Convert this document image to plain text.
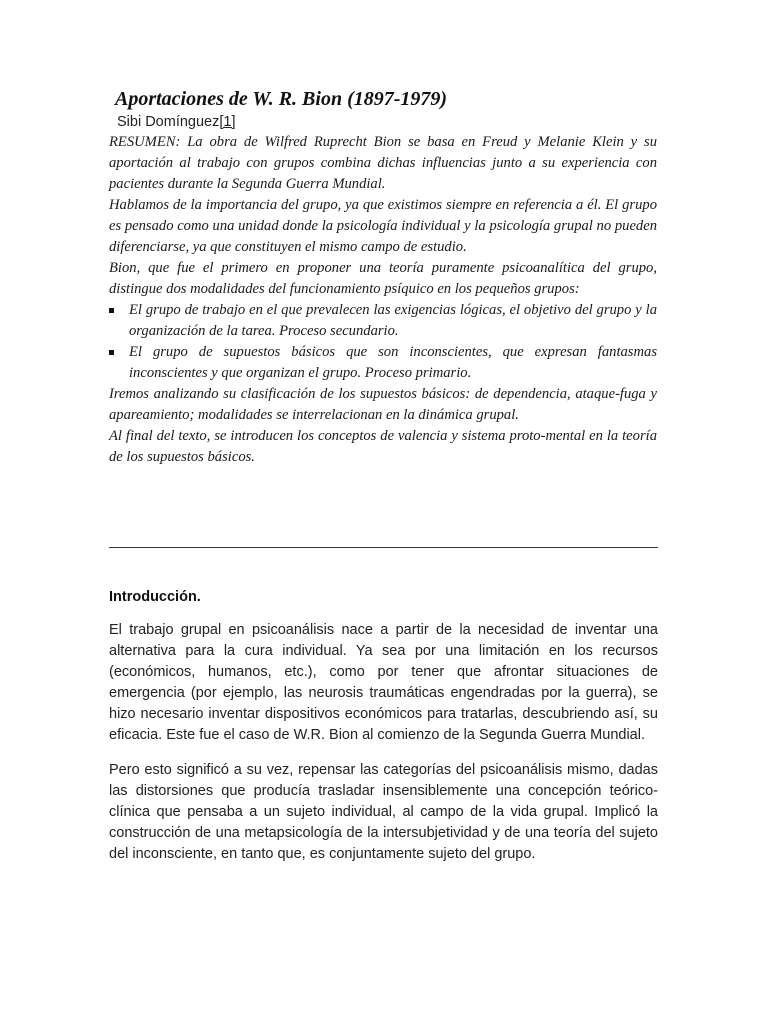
Aportaciones de W. R. Bion (1897-1979)
Sibi Domínguez[1]

RESUMEN: La obra de Wilfred Ruprecht Bion se basa en Freud y Melanie Klein y su aportación al trabajo con grupos combina dichas influencias junto a su experiencia con pacientes durante la Segunda Guerra Mundial.

Hablamos de la importancia del grupo, ya que existimos siempre en referencia a él. El grupo es pensado como una unidad donde la psicología individual y la psicología grupal no pueden diferenciarse, ya que constituyen el mismo campo de estudio.

Bion, que fue el primero en proponer una teoría puramente psicoanalítica del grupo, distingue dos modalidades del funcionamiento psíquico en los pequeños grupos:

El grupo de trabajo en el que prevalecen las exigencias lógicas, el objetivo del grupo y la organización de la tarea. Proceso secundario.
El grupo de supuestos básicos que son inconscientes, que expresan fantasmas inconscientes y que organizan el grupo. Proceso primario.

Iremos analizando su clasificación de los supuestos básicos: de dependencia, ataque-fuga y apareamiento; modalidades se interrelacionan en la dinámica grupal.

Al final del texto, se introducen los conceptos de valencia y sistema proto-mental en la teoría de los supuestos básicos.

Introducción.

El trabajo grupal en psicoanálisis nace a partir de la necesidad de inventar una alternativa para la cura individual. Ya sea por una limitación en los recursos (económicos, humanos, etc.), como por tener que afrontar situaciones de emergencia (por ejemplo, las neurosis traumáticas engendradas por la guerra), se hizo necesario inventar dispositivos económicos para tratarlas, descubriendo así, su eficacia. Este fue el caso de W.R. Bion al comienzo de la Segunda Guerra Mundial.

Pero esto significó a su vez, repensar las categorías del psicoanálisis mismo, dadas las distorsiones que producía trasladar insensiblemente una concepción teórico-clínica que pensaba a un sujeto individual, al campo de la vida grupal. Implicó la construcción de una metapsicología de la intersubjetividad y de una teoría del sujeto del inconsciente, en tanto que, es conjuntamente sujeto del grupo.
